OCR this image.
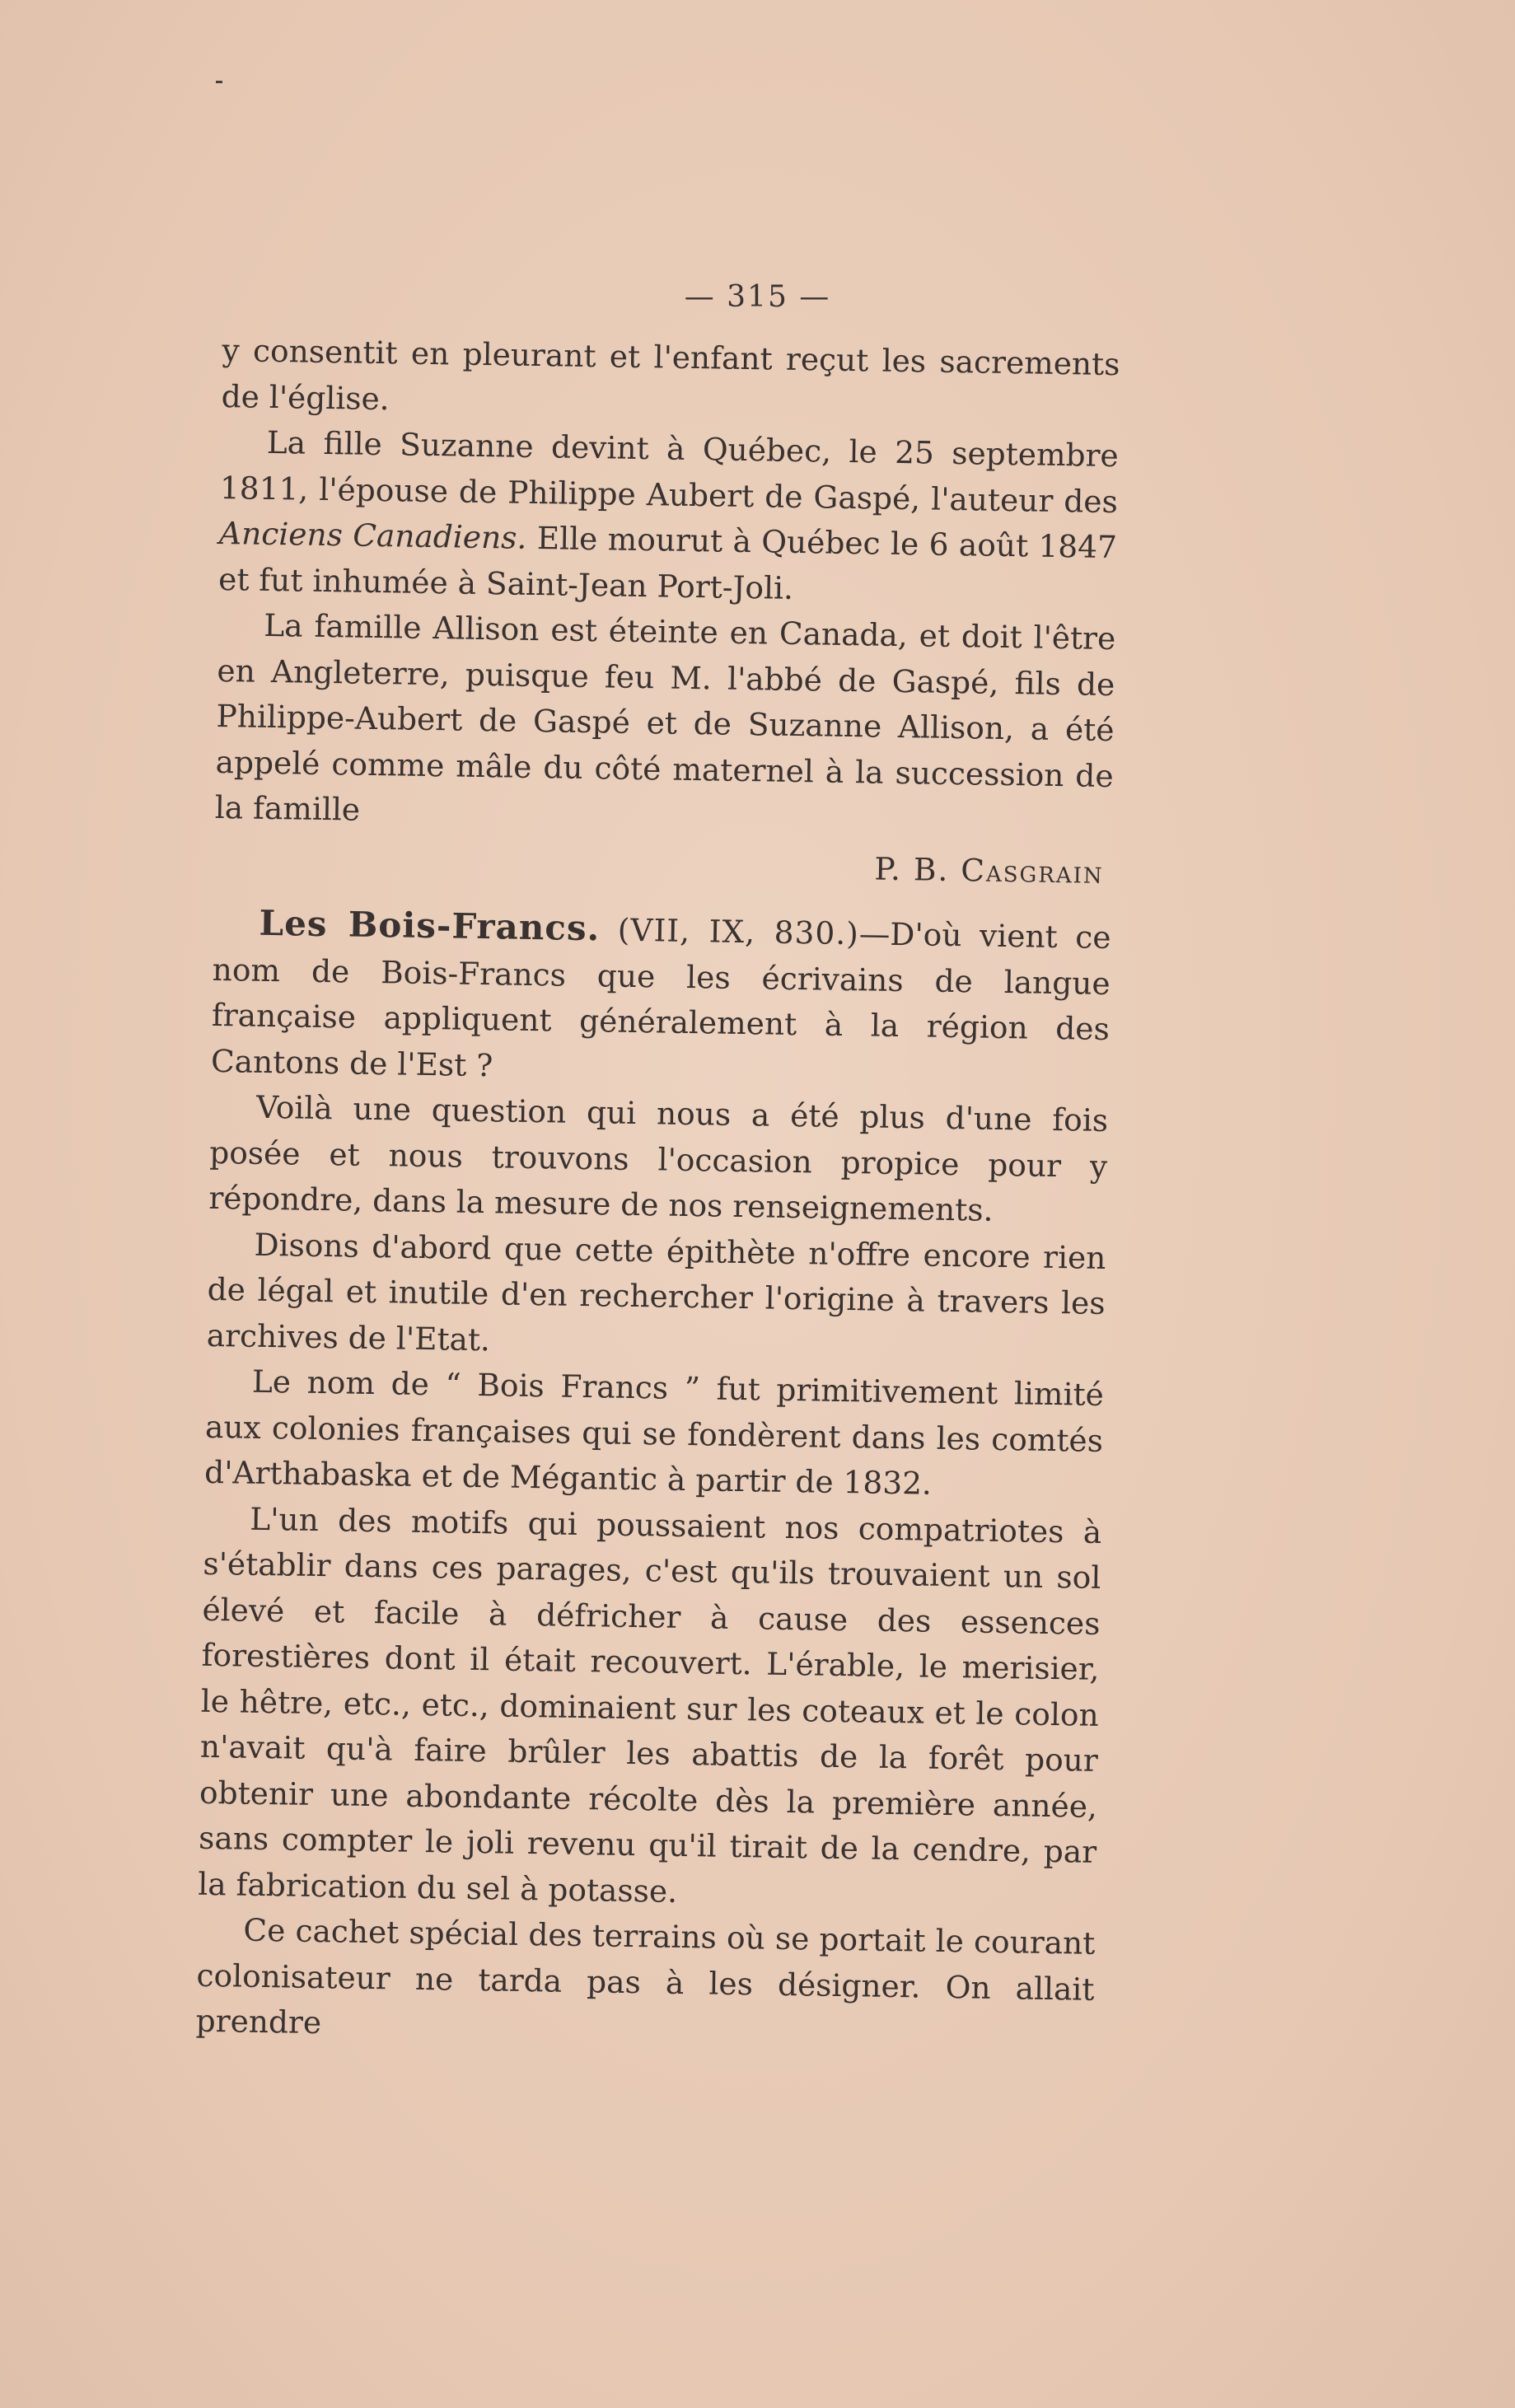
— 315 —

y consentit en pleurant et l'enfant reçut les sacrements de l'église.

La fille Suzanne devint à Québec, le 25 septembre 1811, l'épouse de Philippe Aubert de Gaspé, l'auteur des Anciens Canadiens. Elle mourut à Québec le 6 août 1847 et fut inhumée à Saint-Jean Port-Joli.

La famille Allison est éteinte en Canada, et doit l'être en Angleterre, puisque feu M. l'abbé de Gaspé, fils de Philippe-Aubert de Gaspé et de Suzanne Allison, a été appelé comme mâle du côté maternel à la succession de la famille

P. B. Casgrain

Les Bois-Francs. (VII, IX, 830.)—D'où vient ce nom de Bois-Francs que les écrivains de langue française appliquent généralement à la région des Cantons de l'Est ?

Voilà une question qui nous a été plus d'une fois posée et nous trouvons l'occasion propice pour y répondre, dans la mesure de nos renseignements.

Disons d'abord que cette épithète n'offre encore rien de légal et inutile d'en rechercher l'origine à travers les archives de l'Etat.

Le nom de “ Bois Francs ” fut primitivement limité aux colonies françaises qui se fondèrent dans les comtés d'Arthabaska et de Mégantic à partir de 1832.

L'un des motifs qui poussaient nos compatriotes à s'établir dans ces parages, c'est qu'ils trouvaient un sol élevé et facile à défricher à cause des essences forestières dont il était recouvert. L'érable, le merisier, le hêtre, etc., etc., dominaient sur les coteaux et le colon n'avait qu'à faire brûler les abattis de la forêt pour obtenir une abondante récolte dès la première année, sans compter le joli revenu qu'il tirait de la cendre, par la fabrication du sel à potasse.

Ce cachet spécial des terrains où se portait le courant colonisateur ne tarda pas à les désigner. On allait prendre
